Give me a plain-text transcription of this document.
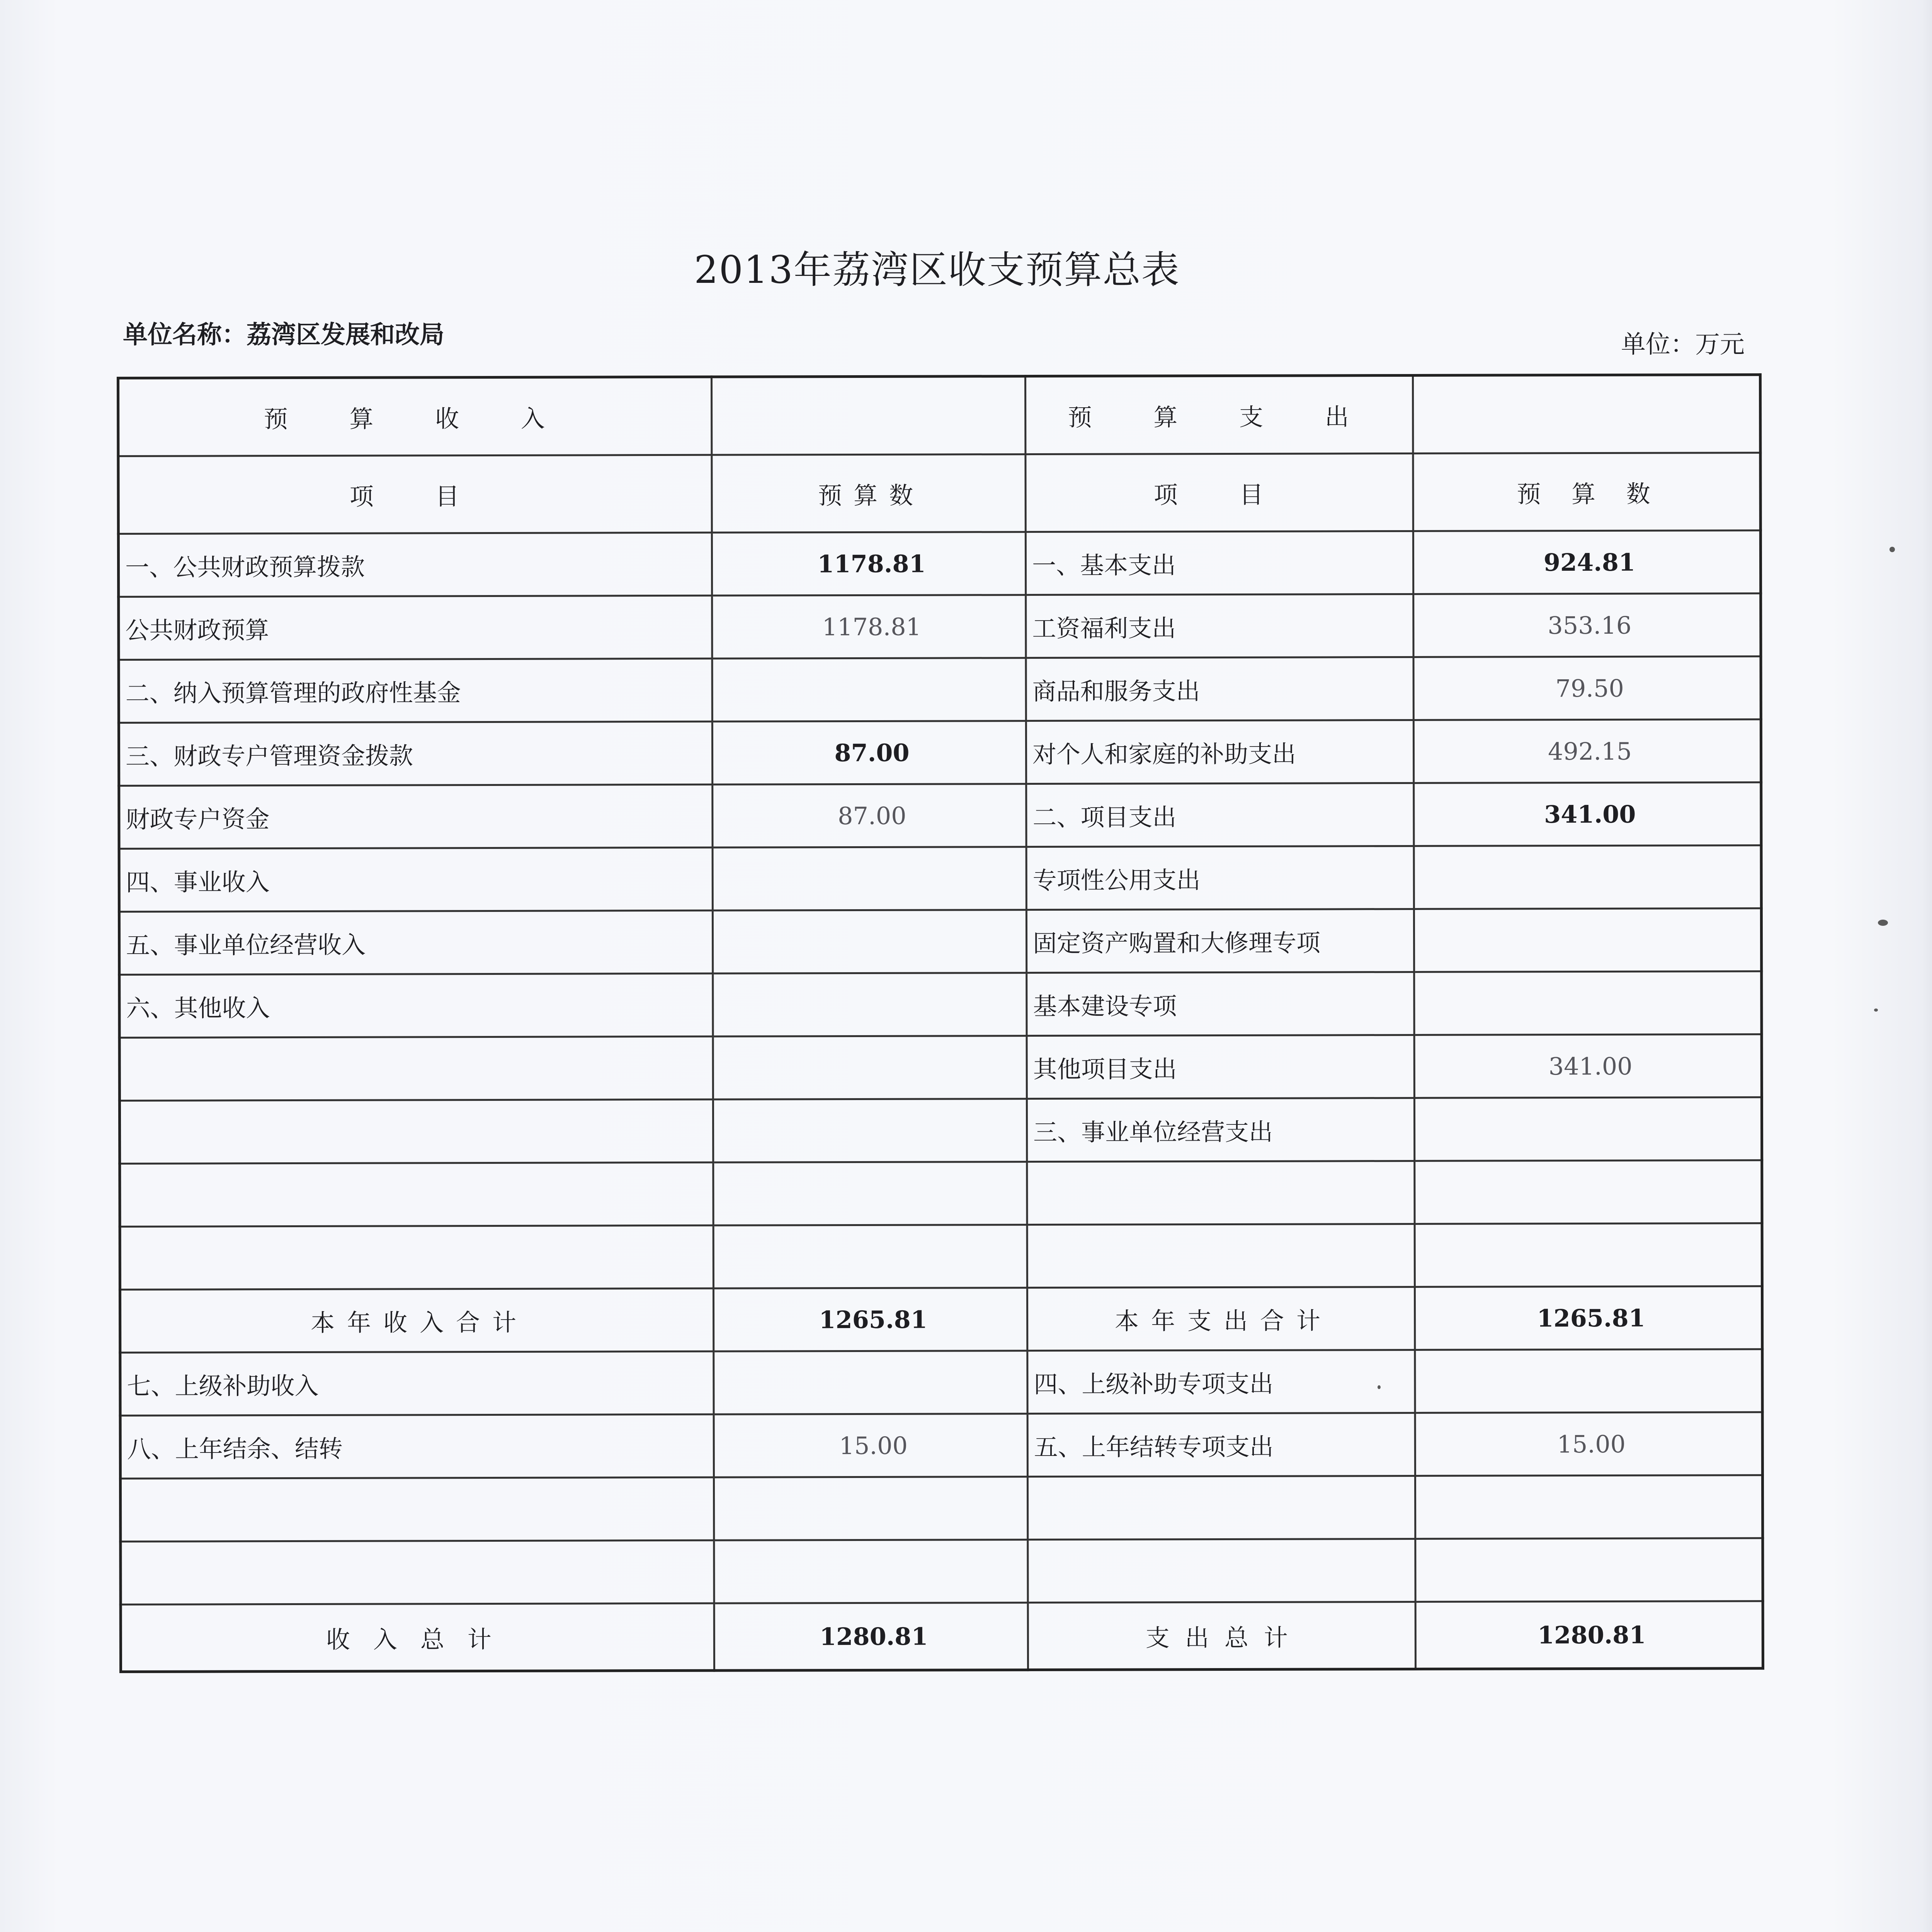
2013年荔湾区收支预算总表
单位名称：荔湾区发展和改局	单位：万元
预 算 收 入		预 算 支 出	
项 目	预算数	项 目	预 算 数
一、公共财政预算拨款	1178.81	一、基本支出	924.81
公共财政预算	1178.81	工资福利支出	353.16
二、纳入预算管理的政府性基金		商品和服务支出	79.50
三、财政专户管理资金拨款	87.00	对个人和家庭的补助支出	492.15
财政专户资金	87.00	二、项目支出	341.00
四、事业收入		专项性公用支出	
五、事业单位经营收入		固定资产购置和大修理专项	
六、其他收入		基本建设专项	
		其他项目支出	341.00
		三、事业单位经营支出	

本年收入合计	1265.81	本年支出合计	1265.81
七、上级补助收入		四、上级补助专项支出	
八、上年结余、结转	15.00	五、上年结转专项支出	15.00

收入总计	1280.81	支出总计	1280.81
